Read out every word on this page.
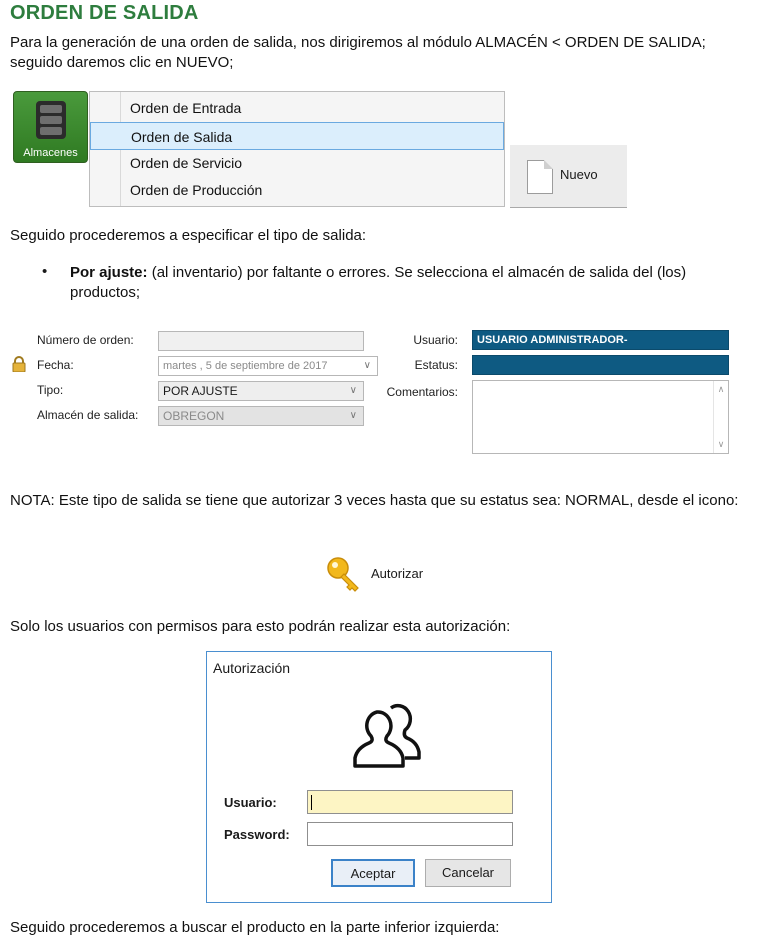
ORDEN DE SALIDA
Para la generación de una orden de salida, nos dirigiremos al módulo ALMACÉN < ORDEN DE SALIDA; seguido daremos clic en NUEVO;
Almacenes
Orden de Entrada
Orden de Salida
Orden de Servicio
Orden de Producción
Nuevo
Seguido procederemos a especificar el tipo de salida:
• Por ajuste: (al inventario) por faltante o errores. Se selecciona el almacén de salida del (los) productos;
Número de orden:
Fecha:	martes , 5 de septiembre de 2017	∨
Tipo:	POR AJUSTE	∨
Almacén de salida:	OBREGON	∨
Usuario:	USUARIO ADMINISTRADOR-
Estatus:
Comentarios:	∧
∨
NOTA: Este tipo de salida se tiene que autorizar 3 veces hasta que su estatus sea: NORMAL, desde el icono:
Autorizar
Solo los usuarios con permisos para esto podrán realizar esta autorización:
Autorización
Usuario:
Password:
Aceptar	Cancelar
Seguido procederemos a buscar el producto en la parte inferior izquierda:
